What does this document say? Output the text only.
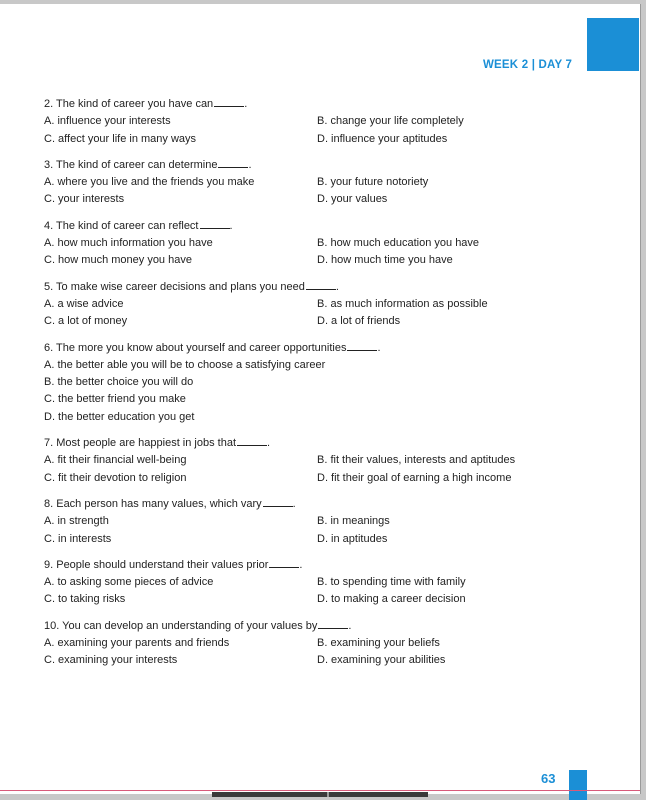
WEEK 2 | DAY 7
2. The kind of career you have can	.
A. influence your interests	B. change your life completely
C. affect your life in many ways	D. influence your aptitudes
3. The kind of career can determine	.
A. where you live and the friends you make	B. your future notoriety
C. your interests	D. your values
4. The kind of career can reflect	.
A. how much information you have	B. how much education you have
C. how much money you have	D. how much time you have
5. To make wise career decisions and plans you need	.
A. a wise advice	B. as much information as possible
C. a lot of money	D. a lot of friends
6. The more you know about yourself and career opportunities	.
A. the better able you will be to choose a satisfying career
B. the better choice you will do
C. the better friend you make
D. the better education you get
7. Most people are happiest in jobs that	.
A. fit their financial well-being	B. fit their values, interests and aptitudes
C. fit their devotion to religion	D. fit their goal of earning a high income
8. Each person has many values, which vary	.
A. in strength	B. in meanings
C. in interests	D. in aptitudes
9. People should understand their values prior	.
A. to asking some pieces of advice	B. to spending time with family
C. to taking risks	D. to making a career decision
10. You can develop an understanding of your values by	.
A. examining your parents and friends	B. examining your beliefs
C. examining your interests	D. examining your abilities
63
